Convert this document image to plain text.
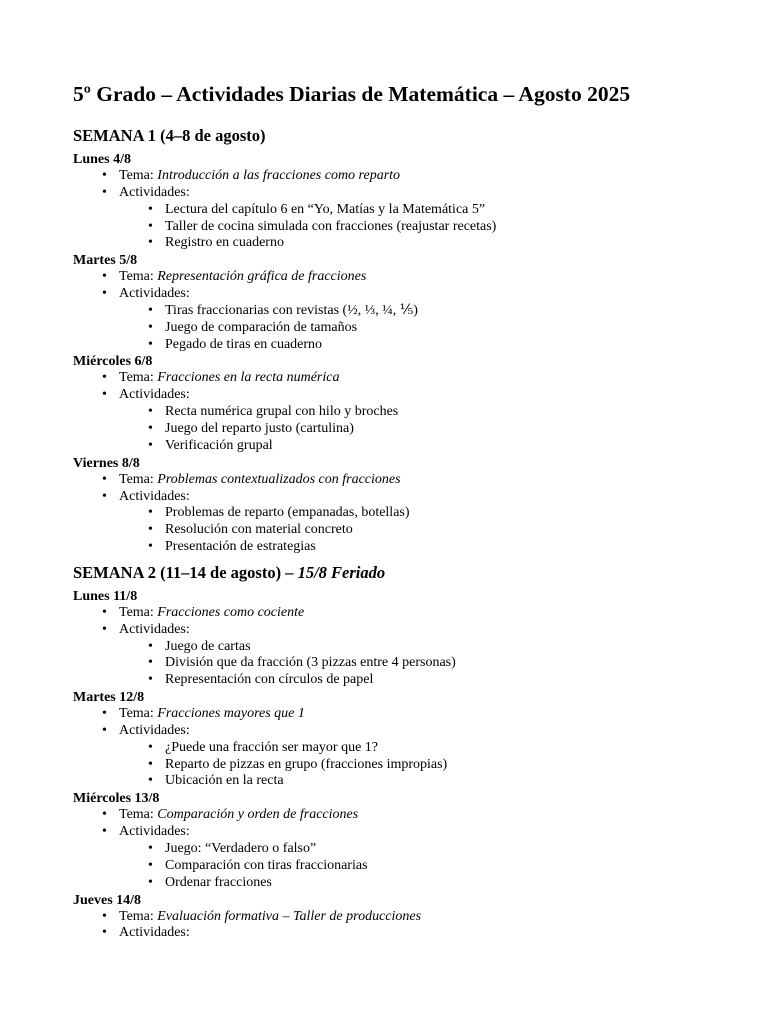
5º Grado – Actividades Diarias de Matemática – Agosto 2025
SEMANA 1 (4–8 de agosto)
Lunes 4/8
• Tema: Introducción a las fracciones como reparto
• Actividades:
• Lectura del capítulo 6 en “Yo, Matías y la Matemática 5”
• Taller de cocina simulada con fracciones (reajustar recetas)
• Registro en cuaderno
Martes 5/8
• Tema: Representación gráfica de fracciones
• Actividades:
• Tiras fraccionarias con revistas (½, ⅓, ¼, ⅕)
• Juego de comparación de tamaños
• Pegado de tiras en cuaderno
Miércoles 6/8
• Tema: Fracciones en la recta numérica
• Actividades:
• Recta numérica grupal con hilo y broches
• Juego del reparto justo (cartulina)
• Verificación grupal
Viernes 8/8
• Tema: Problemas contextualizados con fracciones
• Actividades:
• Problemas de reparto (empanadas, botellas)
• Resolución con material concreto
• Presentación de estrategias
SEMANA 2 (11–14 de agosto) – 15/8 Feriado
Lunes 11/8
• Tema: Fracciones como cociente
• Actividades:
• Juego de cartas
• División que da fracción (3 pizzas entre 4 personas)
• Representación con círculos de papel
Martes 12/8
• Tema: Fracciones mayores que 1
• Actividades:
• ¿Puede una fracción ser mayor que 1?
• Reparto de pizzas en grupo (fracciones impropias)
• Ubicación en la recta
Miércoles 13/8
• Tema: Comparación y orden de fracciones
• Actividades:
• Juego: “Verdadero o falso”
• Comparación con tiras fraccionarias
• Ordenar fracciones
Jueves 14/8
• Tema: Evaluación formativa – Taller de producciones
• Actividades:
